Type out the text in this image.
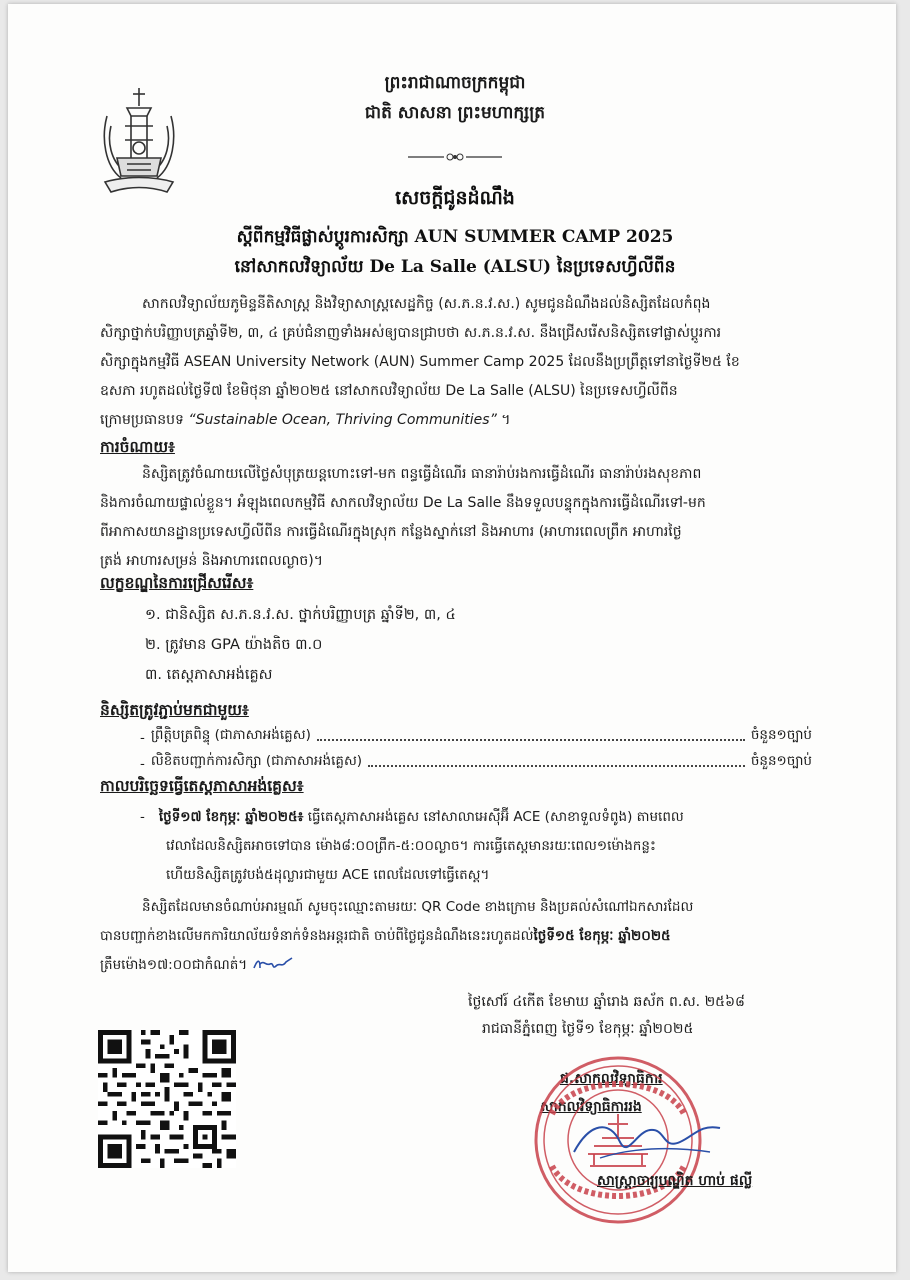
ព្រះរាជាណាចក្រកម្ពុជា
ជាតិ សាសនា ព្រះមហាក្សត្រ
សេចក្តីជូនដំណឹង
ស្តីពីកម្មវិធីផ្លាស់ប្តូរការសិក្សា AUN SUMMER CAMP 2025
នៅសាកលវិទ្យាល័យ De La Salle (ALSU) នៃប្រទេសហ្វីលីពីន
សាកលវិទ្យាល័យភូមិន្ទនីតិសាស្ត្រ និងវិទ្យាសាស្ត្រសេដ្ឋកិច្ច (ស.ភ.ន.វ.ស.) សូមជូនដំណឹងដល់និស្សិតដែលកំពុង
សិក្សាថ្នាក់បរិញ្ញាបត្រឆ្នាំទី២, ៣, ៤ គ្រប់ជំនាញទាំងអស់ឲ្យបានជ្រាបថា ស.ភ.ន.វ.ស. នឹងជ្រើសរើសនិស្សិតទៅផ្លាស់ប្តូរការ
សិក្សាក្នុងកម្មវិធី ASEAN University Network (AUN) Summer Camp 2025 ដែលនឹងប្រព្រឹត្តទៅនាថ្ងៃទី២៥ ខែ
ឧសភា រហូតដល់ថ្ងៃទី៧ ខែមិថុនា ឆ្នាំ២០២៥ នៅសាកលវិទ្យាល័យ De La Salle (ALSU) នៃប្រទេសហ្វីលីពីន
ក្រោមប្រធានបទ “Sustainable Ocean, Thriving Communities” ។
ការចំណាយ៖
និស្សិតត្រូវចំណាយលើថ្លៃសំបុត្រយន្តហោះទៅ-មក ពន្ធធ្វើដំណើរ ធានារ៉ាប់រងការធ្វើដំណើរ ធានារ៉ាប់រងសុខភាព
និងការចំណាយផ្ទាល់ខ្លួន។ អំឡុងពេលកម្មវិធី សាកលវិទ្យាល័យ De La Salle នឹងទទួលបន្ទុកក្នុងការធ្វើដំណើរទៅ-មក
ពីអាកាសយានដ្ឋានប្រទេសហ្វីលីពីន ការធ្វើដំណើរក្នុងស្រុក កន្លែងស្នាក់នៅ និងអាហារ (អាហារពេលព្រឹក អាហារថ្ងៃ
ត្រង់ អាហារសម្រន់ និងអាហារពេលល្ងាច)។
លក្ខខណ្ឌនៃការជ្រើសរើស៖
១. ជានិស្សិត ស.ភ.ន.វ.ស. ថ្នាក់បរិញ្ញាបត្រ ឆ្នាំទី២, ៣, ៤
២. ត្រូវមាន GPA យ៉ាងតិច ៣.០
៣. តេស្តភាសាអង់គ្លេស
និស្សិតត្រូវភ្ជាប់មកជាមួយ៖
- ព្រឹត្តិបត្រពិន្ទុ (ជាភាសាអង់គ្លេស)	ចំនួន១ច្បាប់
- លិខិតបញ្ជាក់ការសិក្សា (ជាភាសាអង់គ្លេស)	ចំនួន១ច្បាប់
កាលបរិច្ឆេទធ្វើតេស្តភាសាអង់គ្លេស៖
- ថ្ងៃទី១៧ ខែកុម្ភៈ ឆ្នាំ២០២៥៖ ធ្វើតេស្តភាសាអង់គ្លេស នៅសាលាអេស៊ីអ៊ី ACE (សាខាទួលទំពូង) តាមពេល
វេលាដែលនិស្សិតអាចទៅបាន ម៉ោង៨:០០ព្រឹក-៥:០០ល្ងាច។ ការធ្វើតេស្តមានរយៈពេល១ម៉ោងកន្លះ
ហើយនិស្សិតត្រូវបង់៥ដុល្លារជាមួយ ACE ពេលដែលទៅធ្វើតេស្ត។
និស្សិតដែលមានចំណាប់អារម្មណ៍ សូមចុះឈ្មោះតាមរយៈ QR Code ខាងក្រោម និងប្រគល់សំណៅឯកសារដែល
បានបញ្ជាក់ខាងលើមកការិយាល័យទំនាក់ទំនងអន្តរជាតិ ចាប់ពីថ្ងៃជូនដំណឹងនេះរហូតដល់ថ្ងៃទី១៥ ខែកុម្ភៈ ឆ្នាំ២០២៥
ត្រឹមម៉ោង១៧:០០ជាកំណត់។
ថ្ងៃសៅរ៍ ៤កើត ខែមាឃ ឆ្នាំរោង ឆស័ក ព.ស. ២៥៦៨
រាជធានីភ្នំពេញ ថ្ងៃទី១ ខែកុម្ភៈ ឆ្នាំ២០២៥
ជ.សាកលវិទ្យាធិការ
សាកលវិទ្យាធិការរង
សាស្ត្រាចារ្យបណ្ឌិត ហាប់ ផល្លី
